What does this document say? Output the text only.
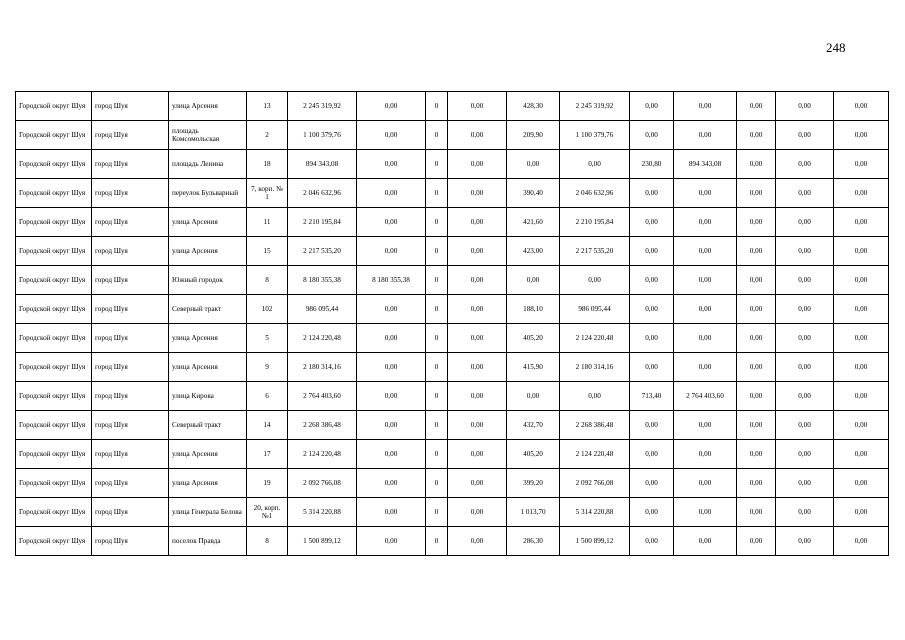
248
Городской округ Шуя	город Шуя	улица Арсения	13	2 245 319,92	0,00	0	0,00	428,30	2 245 319,92	0,00	0,00	0,00	0,00	0,00
Городской округ Шуя	город Шуя	площадь Комсомольская	2	1 100 379,76	0,00	0	0,00	209,90	1 100 379,76	0,00	0,00	0,00	0,00	0,00
Городской округ Шуя	город Шуя	площадь Ленина	18	894 343,08	0,00	0	0,00	0,00	0,00	230,80	894 343,08	0,00	0,00	0,00
Городской округ Шуя	город Шуя	переулок Бульварный	7, корп. № 1	2 046 632,96	0,00	0	0,00	390,40	2 046 632,96	0,00	0,00	0,00	0,00	0,00
Городской округ Шуя	город Шуя	улица Арсения	11	2 210 195,84	0,00	0	0,00	421,60	2 210 195,84	0,00	0,00	0,00	0,00	0,00
Городской округ Шуя	город Шуя	улица Арсения	15	2 217 535,20	0,00	0	0,00	423,00	2 217 535,20	0,00	0,00	0,00	0,00	0,00
Городской округ Шуя	город Шуя	Южный городок	8	8 180 355,38	8 180 355,38	0	0,00	0,00	0,00	0,00	0,00	0,00	0,00	0,00
Городской округ Шуя	город Шуя	Северный тракт	102	986 095,44	0,00	0	0,00	188,10	986 095,44	0,00	0,00	0,00	0,00	0,00
Городской округ Шуя	город Шуя	улица Арсения	5	2 124 220,48	0,00	0	0,00	405,20	2 124 220,48	0,00	0,00	0,00	0,00	0,00
Городской округ Шуя	город Шуя	улица Арсения	9	2 180 314,16	0,00	0	0,00	415,90	2 180 314,16	0,00	0,00	0,00	0,00	0,00
Городской округ Шуя	город Шуя	улица Кирова	6	2 764 403,60	0,00	0	0,00	0,00	0,00	713,40	2 764 403,60	0,00	0,00	0,00
Городской округ Шуя	город Шуя	Северный тракт	14	2 268 386,48	0,00	0	0,00	432,70	2 268 386,48	0,00	0,00	0,00	0,00	0,00
Городской округ Шуя	город Шуя	улица Арсения	17	2 124 220,48	0,00	0	0,00	405,20	2 124 220,48	0,00	0,00	0,00	0,00	0,00
Городской округ Шуя	город Шуя	улица Арсения	19	2 092 766,08	0,00	0	0,00	399,20	2 092 766,08	0,00	0,00	0,00	0,00	0,00
Городской округ Шуя	город Шуя	улица Генерала Белова	20, корп. №1	5 314 220,88	0,00	0	0,00	1 013,70	5 314 220,88	0,00	0,00	0,00	0,00	0,00
Городской округ Шуя	город Шуя	поселок Правда	8	1 500 899,12	0,00	0	0,00	286,30	1 500 899,12	0,00	0,00	0,00	0,00	0,00
